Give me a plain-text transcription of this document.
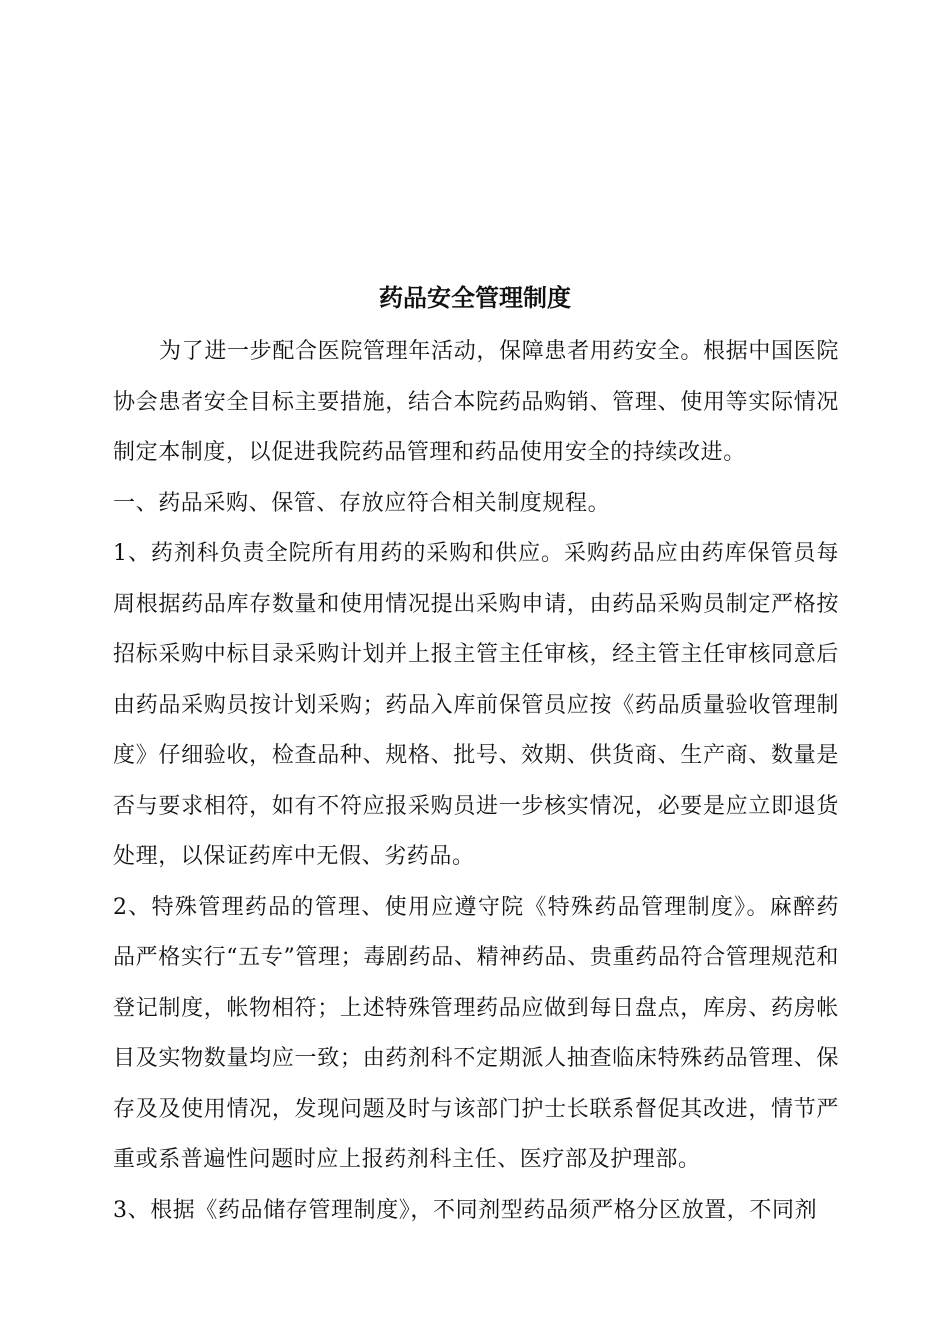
药品安全管理制度

为了进一步配合医院管理年活动，保障患者用药安全。根据中国医院协会患者安全目标主要措施，结合本院药品购销、管理、使用等实际情况制定本制度，以促进我院药品管理和药品使用安全的持续改进。

一、药品采购、保管、存放应符合相关制度规程。

1、药剂科负责全院所有用药的采购和供应。采购药品应由药库保管员每周根据药品库存数量和使用情况提出采购申请，由药品采购员制定严格按招标采购中标目录采购计划并上报主管主任审核，经主管主任审核同意后由药品采购员按计划采购；药品入库前保管员应按《药品质量验收管理制度》仔细验收，检查品种、规格、批号、效期、供货商、生产商、数量是否与要求相符，如有不符应报采购员进一步核实情况，必要是应立即退货处理，以保证药库中无假、劣药品。

2、特殊管理药品的管理、使用应遵守院《特殊药品管理制度》。麻醉药品严格实行“五专”管理；毒剧药品、精神药品、贵重药品符合管理规范和登记制度，帐物相符；上述特殊管理药品应做到每日盘点，库房、药房帐目及实物数量均应一致；由药剂科不定期派人抽查临床特殊药品管理、保存及及使用情况，发现问题及时与该部门护士长联系督促其改进，情节严重或系普遍性问题时应上报药剂科主任、医疗部及护理部。

3、根据《药品储存管理制度》，不同剂型药品须严格分区放置，不同剂
